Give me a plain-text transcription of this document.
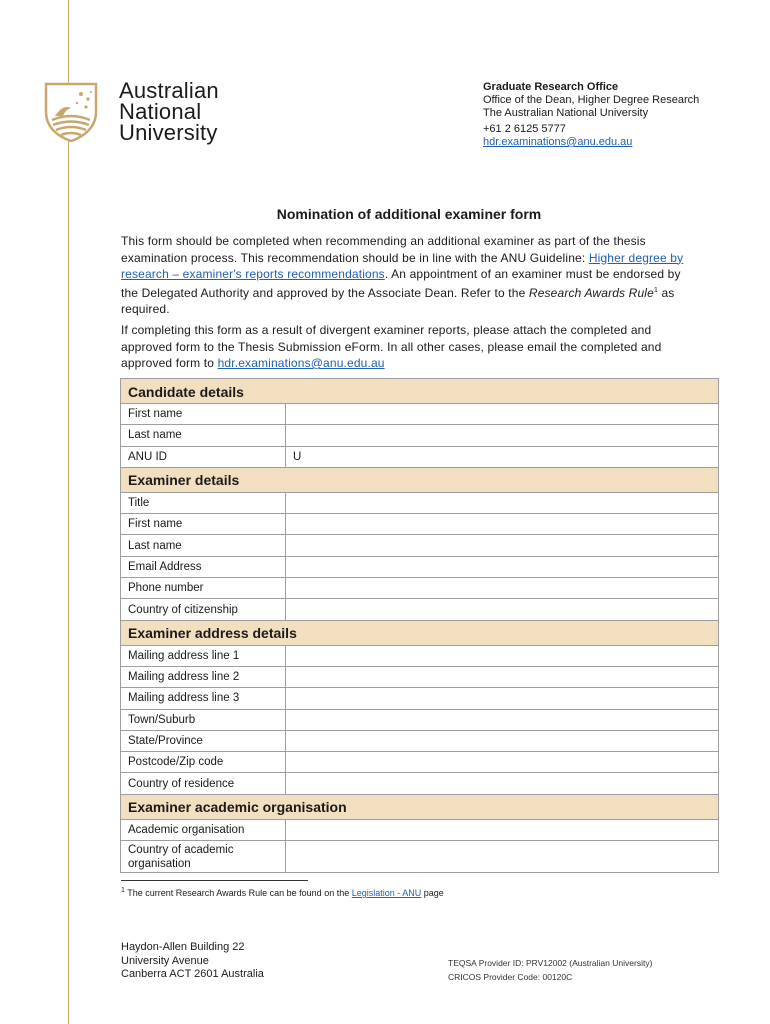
Australian
National
University
Graduate Research Office
Office of the Dean, Higher Degree Research
The Australian National University
+61 2 6125 5777
hdr.examinations@anu.edu.au
Nomination of additional examiner form
This form should be completed when recommending an additional examiner as part of the thesis examination process. This recommendation should be in line with the ANU Guideline: Higher degree by research – examiner's reports recommendations. An appointment of an examiner must be endorsed by the Delegated Authority and approved by the Associate Dean. Refer to the Research Awards Rule$^1$ as required.
If completing this form as a result of divergent examiner reports, please attach the completed and approved form to the Thesis Submission eForm. In all other cases, please email the completed and approved form to hdr.examinations@anu.edu.au
Candidate details	
First name	
Last name	
ANU ID	U
Examiner details	
Title	
First name	
Last name	
Email Address	
Phone number	
Country of citizenship	
Examiner address details	
Mailing address line 1	
Mailing address line 2	
Mailing address line 3	
Town/Suburb	
State/Province	
Postcode/Zip code	
Country of residence	
Examiner academic organisation	
Academic organisation	
Country of academic organisation	
$^1$ The current Research Awards Rule can be found on the Legislation - ANU page
Haydon-Allen Building 22
University Avenue
Canberra ACT 2601 Australia
TEQSA Provider ID: PRV12002 (Australian University)
CRICOS Provider Code: 00120C
